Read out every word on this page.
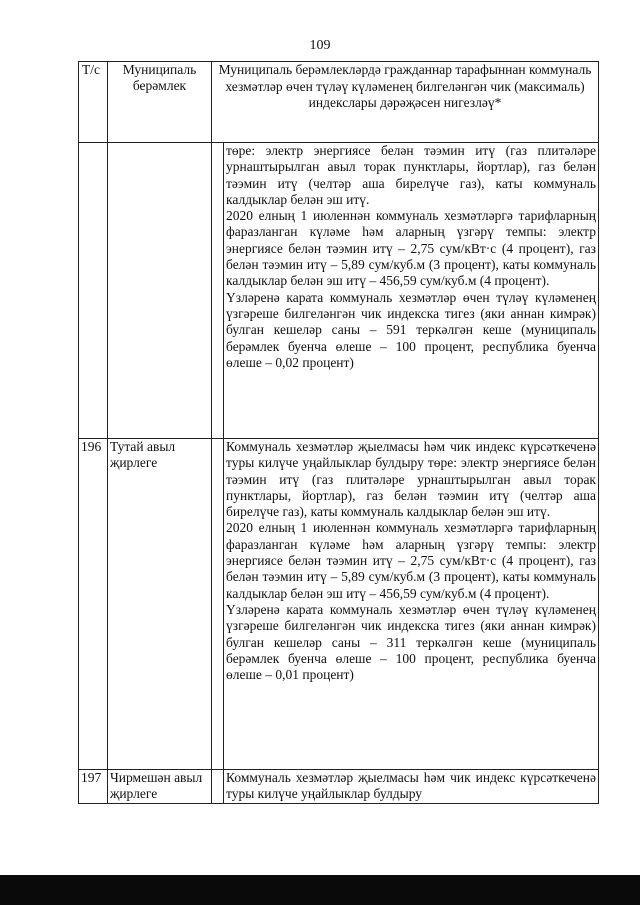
109
Т/с	Муниципаль берәмлек	Муниципаль берәмлекләрдә гражданнар тарафыннан коммуналь хезмәтләр өчен түләү күләменең билгеләнгән чик (максималь) индекслары дәрәҗәсен нигезләү*	

			төре: электр энергиясе белән тәэмин итү (газ плитәләре урнаштырылган авыл торак пунктлары, йортлар), газ белән тәэмин итү (челтәр аша бирелүче газ), каты коммуналь калдыклар белән эш итү.

2020 елның 1 июленнән коммуналь хезмәтләргә тарифларның фаразланган күләме һәм аларның үзгәрү темпы: электр энергиясе белән тәэмин итү – 2,75 сум/кВт·с (4 процент), газ белән тәэмин итү – 5,89 сум/куб.м (3 процент), каты коммуналь калдыклар белән эш итү – 456,59 сум/куб.м (4 процент).

Үзләренә карата коммуналь хезмәтләр өчен түләү күләменең үзгәреше билгеләнгән чик индекска тигез (яки аннан кимрәк) булган кешеләр саны – 591 теркәлгән кеше (муниципаль берәмлек буенча өлеше – 100 процент, республика буенча өлеше – 0,02 процент)

196	Тутай авыл җирлеге		Коммуналь хезмәтләр җыелмасы һәм чик индекс күрсәткеченә туры килүче уңайлыклар булдыру төре: электр энергиясе белән тәэмин итү (газ плитәләре урнаштырылган авыл торак пунктлары, йортлар), газ белән тәэмин итү (челтәр аша бирелүче газ), каты коммуналь калдыклар белән эш итү.

2020 елның 1 июленнән коммуналь хезмәтләргә тарифларның фаразланган күләме һәм аларның үзгәрү темпы: электр энергиясе белән тәэмин итү – 2,75 сум/кВт·с (4 процент), газ белән тәэмин итү – 5,89 сум/куб.м (3 процент), каты коммуналь калдыклар белән эш итү – 456,59 сум/куб.м (4 процент).

Үзләренә карата коммуналь хезмәтләр өчен түләү күләменең үзгәреше билгеләнгән чик индекска тигез (яки аннан кимрәк) булган кешеләр саны – 311 теркәлгән кеше (муниципаль берәмлек буенча өлеше – 100 процент, республика буенча өлеше – 0,01 процент)

197	Чирмешән авыл җирлеге		Коммуналь хезмәтләр җыелмасы һәм чик индекс күрсәткеченә туры килүче уңайлыклар булдыру
